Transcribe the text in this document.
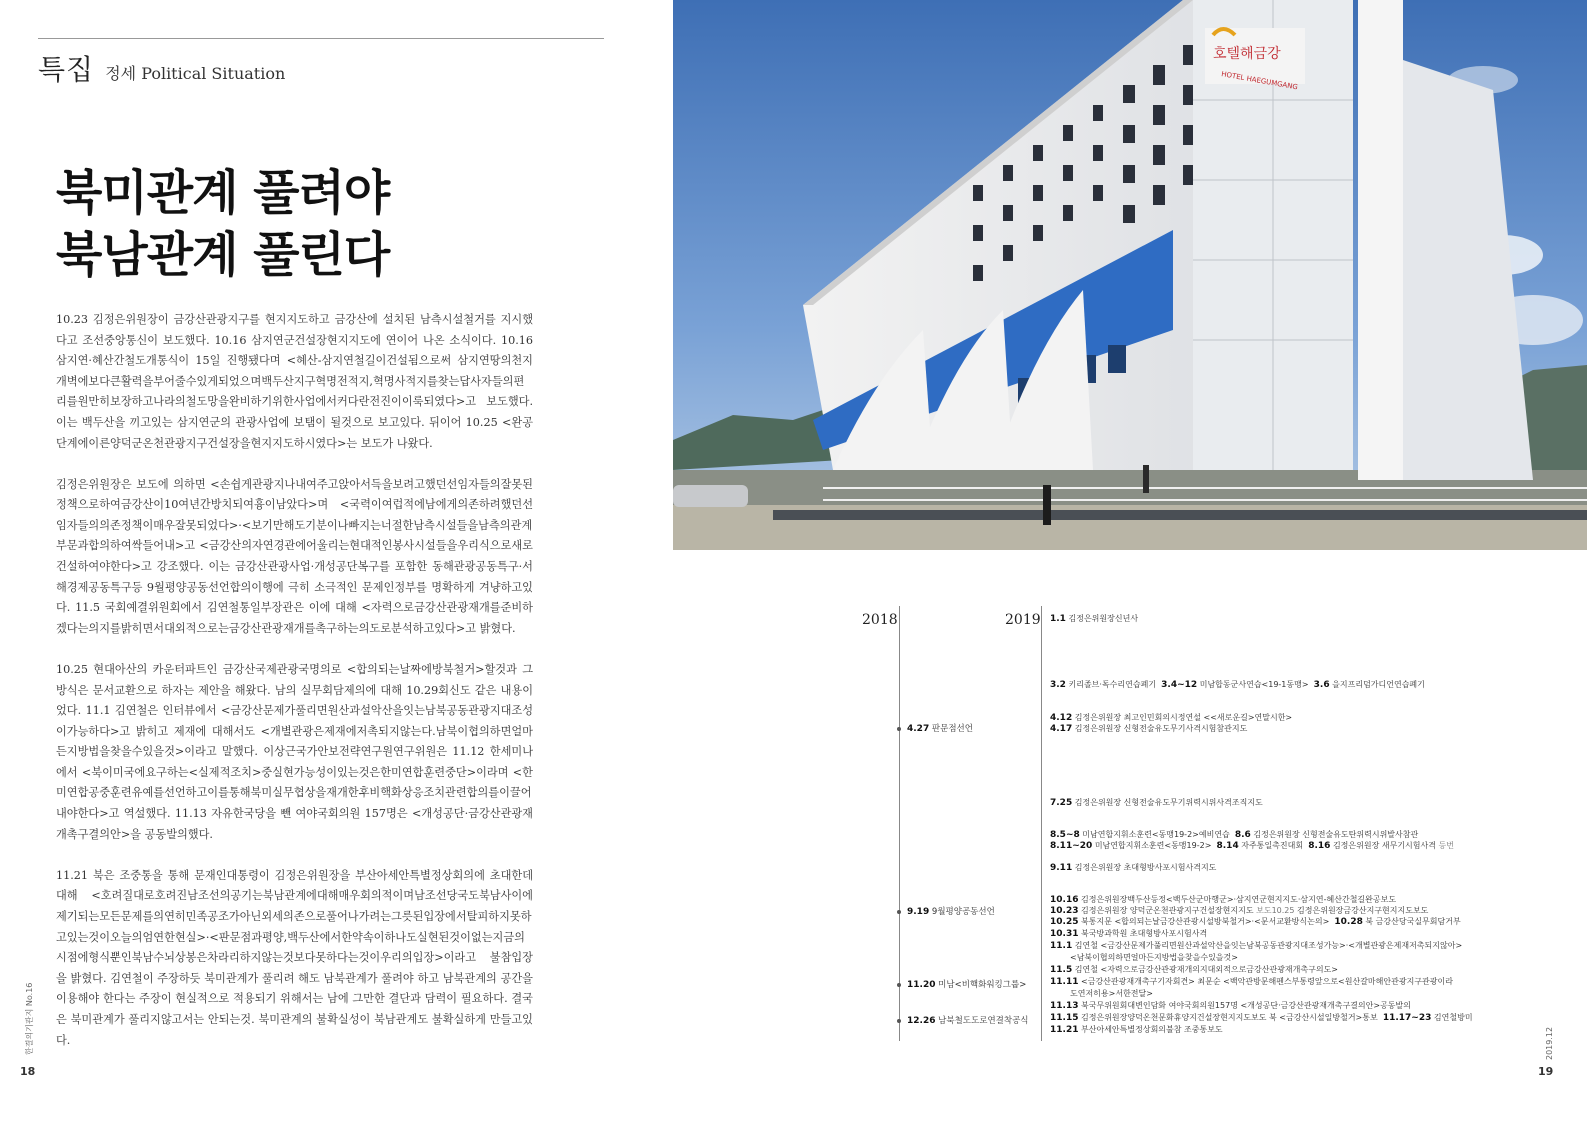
특집 정세 Political Situation
북미관계 풀려야
북남관계 풀린다

10.23 김정은위원장이 금강산관광지구를 현지지도하고 금강산에 설치된 남측시설철거를 지시했다고 조선중앙통신이 보도했다. 10.16 삼지연군건설장현지지도에 연이어 나온 소식이다. 10.16 삼지연·혜산간철도개통식이 15일 진행됐다며 <혜산-삼지연철길이건설됨으로써 삼지연땅의천지개벽에보다큰활력을부어줄수있게되었으며백두산지구혁명전적지,혁명사적지를찾는답사자들의편리를원만히보장하고나라의철도망을완비하기위한사업에서커다란전진이이룩되였다>고 보도했다. 이는 백두산을 끼고있는 삼지연군의 관광사업에 보탬이 될것으로 보고있다. 뒤이어 10.25 <완공단계에이른양덕군온천관광지구건설장을현지지도하시였다>는 보도가 나왔다.

김정은위원장은 보도에 의하면 <손쉽게관광지나내여주고앉아서득을보려고했던선임자들의잘못된정책으로하여금강산이10여년간방치되여흉이남았다>며 <국력이여럽적에남에게의존하려했던선임자들의의존정책이매우잘못되었다>·<보기만해도기분이나빠지는너절한남측시설들을남측의관계부문과합의하여싹들어내>고 <금강산의자연경관에어울리는현대적인봉사시설들을우리식으로새로건설하여야한다>고 강조했다. 이는 금강산관광사업·개성공단복구를 포함한 동해관광공동특구·서해경제공동특구등 9월평양공동선언합의이행에 극히 소극적인 문제인정부를 명확하게 겨냥하고있다. 11.5 국회예결위원회에서 김연철통일부장관은 이에 대해 <자력으로금강산관광재개를준비하겠다는의지를밝히면서대외적으로는금강산관광재개를촉구하는의도로분석하고있다>고 밝혔다.

10.25 현대아산의 카운터파트인 금강산국제관광국명의로 <합의되는날짜에방북철거>할것과 그 방식은 문서교환으로 하자는 제안을 해왔다. 남의 실무회담제의에 대해 10.29회신도 같은 내용이었다. 11.1 김연철은 인터뷰에서 <금강산문제가풀리면원산과설악산을잇는남북공동관광지대조성이가능하다>고 밝히고 제재에 대해서도 <개별관광은제재에저촉되지않는다.남북이협의하면얼마든지방법을찾을수있을것>이라고 말했다. 이상근국가안보전략연구원연구위원은 11.12 한세미나에서 <북이미국에요구하는<실제적조치>중실현가능성이있는것은한미연합훈련중단>이라며 <한미연합공중훈련유예를선언하고이를통해북미실무협상을재개한후비핵화상응조치관련합의를이끌어내야한다>고 역설했다. 11.13 자유한국당을 뺀 여야국회의원 157명은 <개성공단·금강산관광재개촉구결의안>을 공동발의했다.

11.21 북은 조중통을 통해 문재인대통령이 김정은위원장을 부산아세안특별정상회의에 초대한데 대해 <호려질대로호려진남조선의공기는북남관계에대해매우회의적이며남조선당국도북남사이에제기되는모든문제를의연히민족공조가아닌외세의존으로풀어나가려는그릇된입장에서탈피하지못하고있는것이오늘의엄연한현실>·<판문점과평양,백두산에서한약속이하나도실현된것이없는지금의시점에형식뿐인북남수뇌상봉은차라리하지않는것보다못하다는것이우리의입장>이라고 불참입장을 밝혔다. 김연철이 주장하듯 북미관계가 풀리려 해도 남북관계가 풀려야 하고 남북관계의 공간을 이용해야 한다는 주장이 현실적으로 적용되기 위해서는 남에 그만한 결단과 담력이 필요하다. 결국은 북미관계가 풀리지않고서는 안되는것. 북미관계의 불확실성이 북남관계도 불확실하게 만들고있다.

한결의기관지 No.16
18
호텔해금강
HOTEL HAEGUMGANG
2018	2019
4.27 판문점선언
9.19 9월평양공동선언
11.20 미남<비핵화워킹그룹>
12.26 남북철도도로연결착공식
1.1 김정은위원장신년사
3.2 키리졸브·독수리연습폐기 3.4~12 미남합동군사연습<19-1동맹> 3.6 을지프리덤가디언연습폐기
4.12 김정은위원장 최고인민회의시정연설 <<새로운길>연말시한>
4.17 김정은위원장 신형전술유도무기사격시험참관지도
7.25 김정은위원장 신형전술유도무기위력시위사격조직지도
8.5~8 미남연합지휘소훈련<동맹19-2>예비연습 8.6 김정은위원장 신형전술유도탄위력시위발사참관
8.11~20 미남연합지휘소훈련<동맹19-2> 8.14 자주통일촉진대회 8.16 김정은위원장 새무기시험사격 등번
9.11 김정은위원장 초대형방사포시험사격지도
10.16 김정은위원장백두산등정<백두산군마행군>·삼지연군현지지도·삼지연-혜산간철길완공보도
10.23 김정은위원장 양덕군온천관광지구건설장현지지도 보도10.25 김정은위원장금강산지구현지지도보도
10.25 북통지문 <합의되는날금강산관광시설방북철거>·<문서교환방식논의> 10.28 북 금강산당국실무회담거부
10.31 북국방과학원 초대형방사포시험사격
11.1 김연철 <금강산문제가풀리면원산과설악산을잇는남북공동관광지대조성가능>·<개별관광은제재저촉되지않아>
<남북이협의하면얼마든지방법을찾을수있을것>
11.5 김연철 <자력으로금강산관광재개의지대외적으로금강산관광재개촉구의도>
11.11 <금강산관광재개촉구기자회견> 최문순 <백악관방문해펜스부통령앞으로<원산갈마해안관광지구관광이라
도연저히용>서한전달>
11.13 북국무위원회대변인담화 여야국회의원157명 <개성공단·금강산관광재개촉구결의안>공동발의
11.15 김정은위원장양덕온천문화휴양지건설장현지지도보도 북 <금강산시설일방철거>통보 11.17~23 김연철방미
11.21 부산아세안특별정상회의불참 조중통보도	2019.12
19
